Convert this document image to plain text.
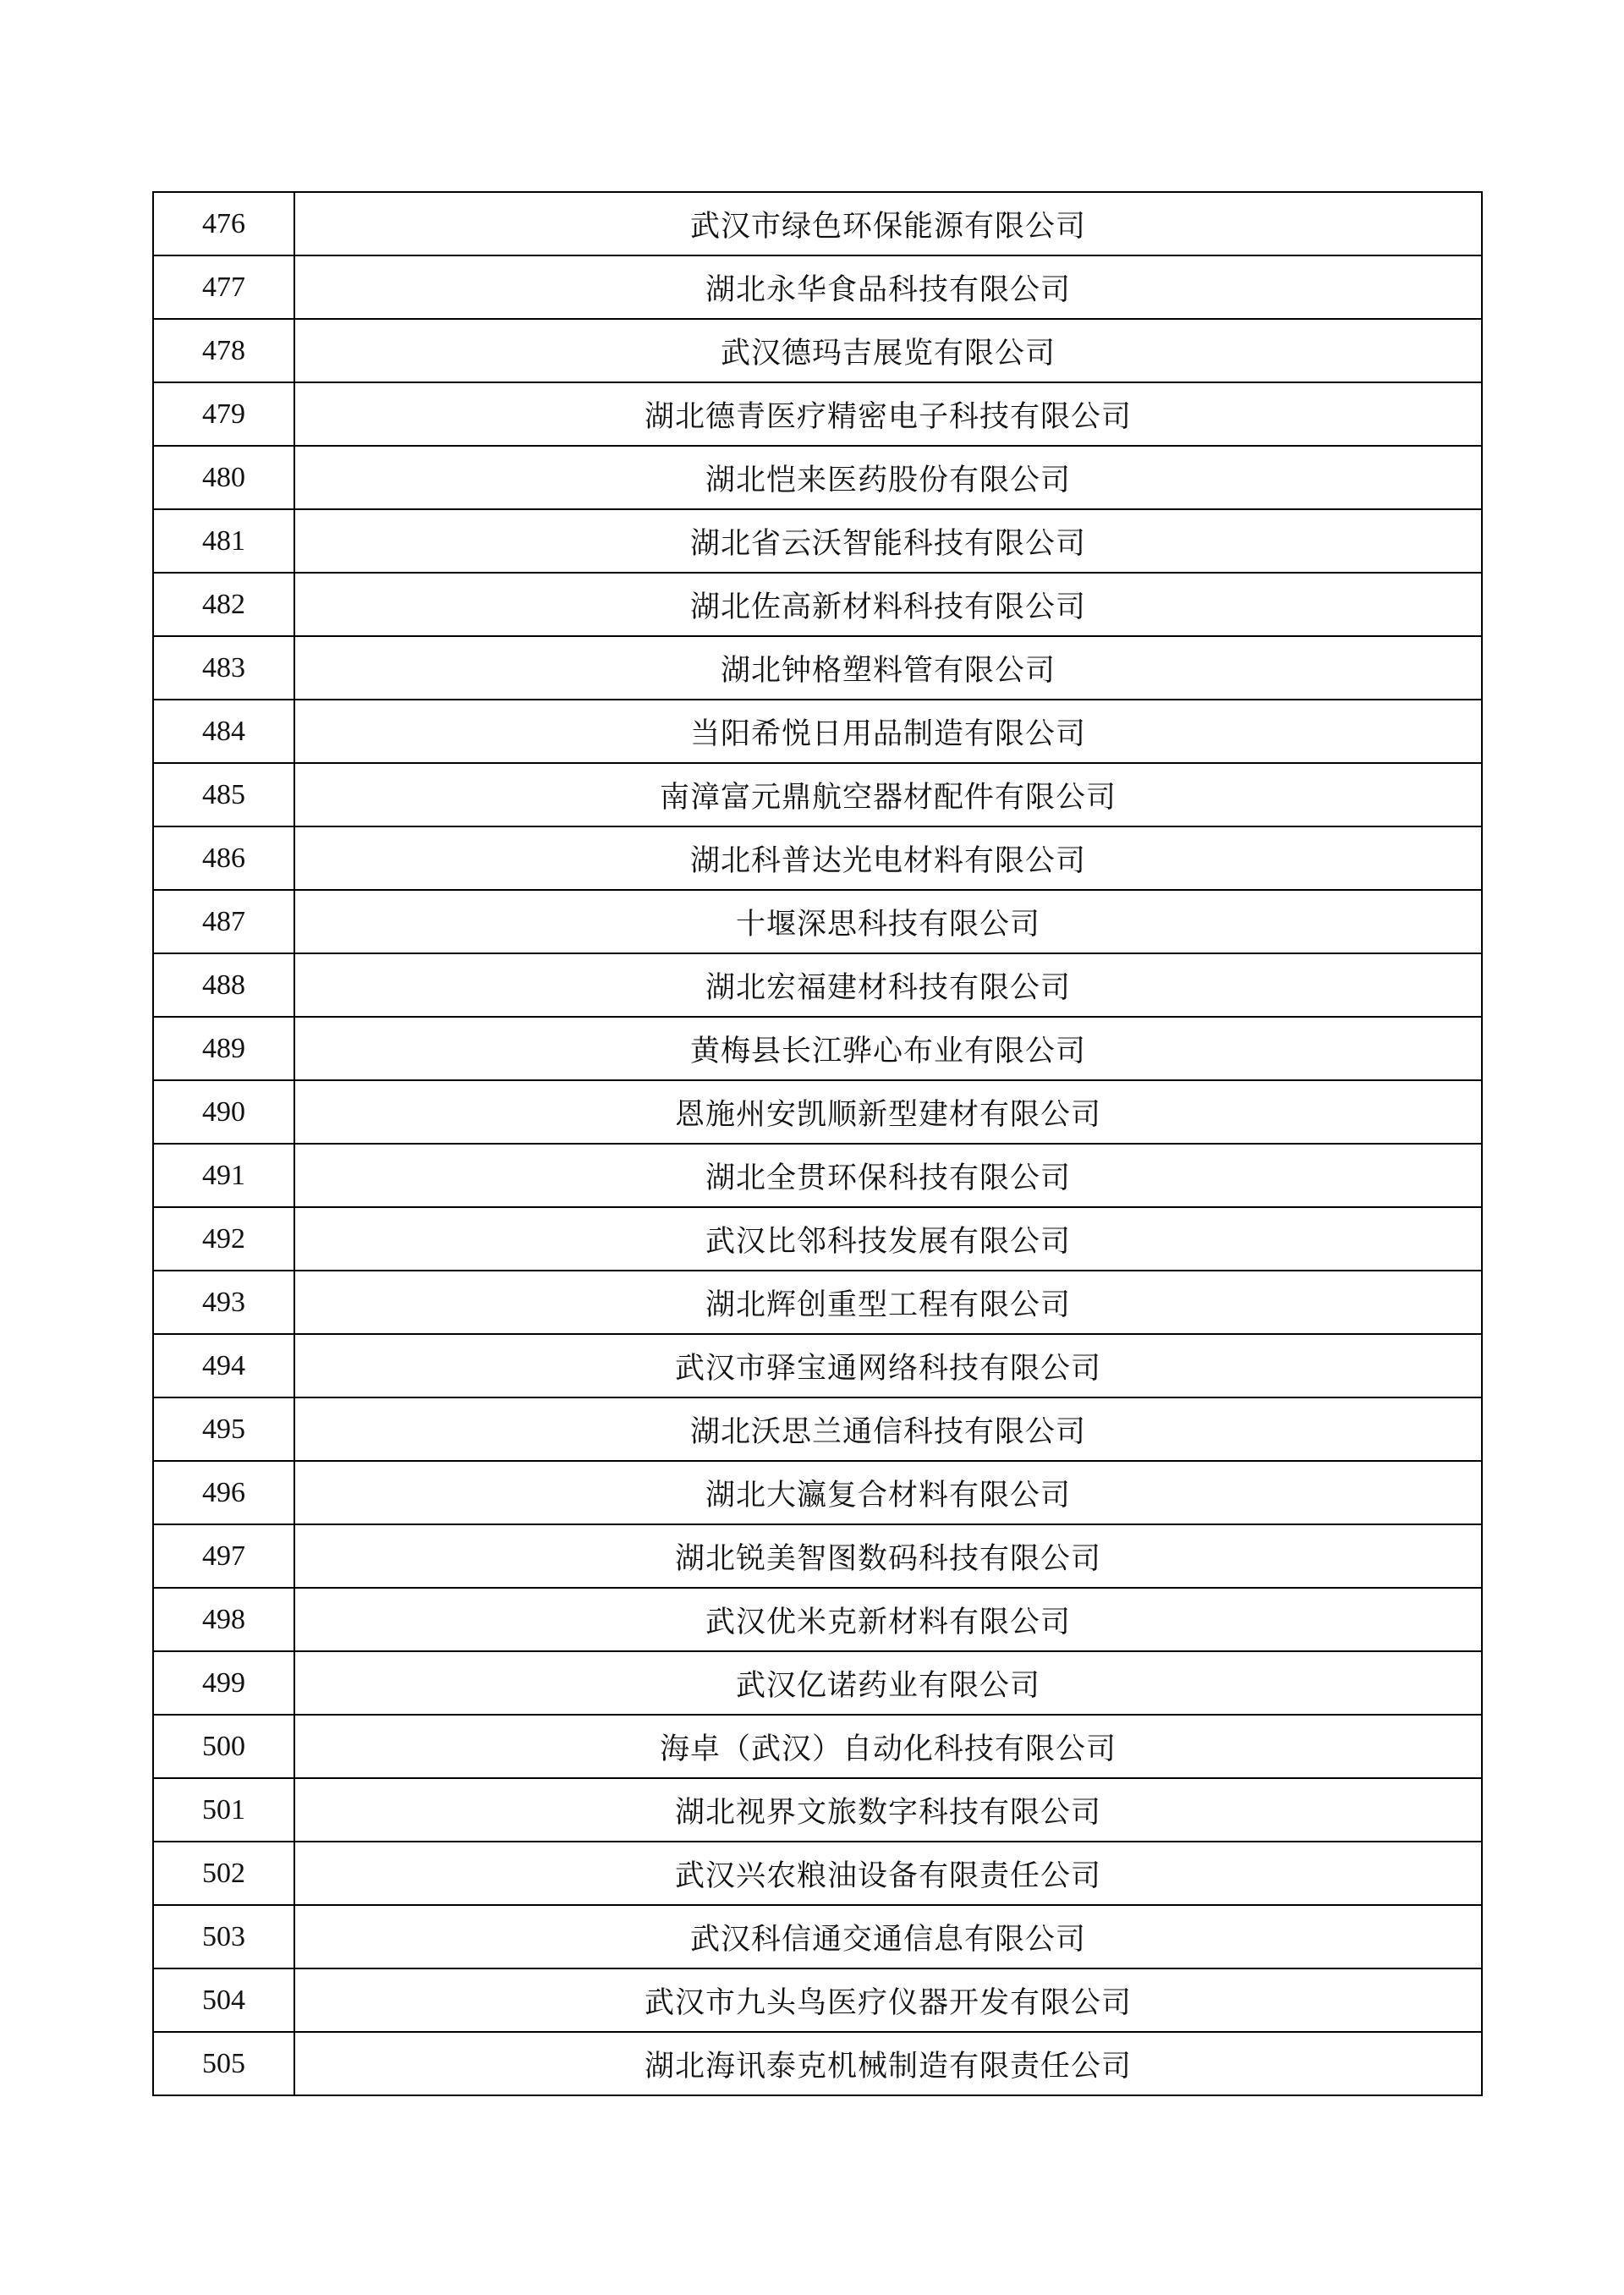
476	武汉市绿色环保能源有限公司
477	湖北永华食品科技有限公司
478	武汉德玛吉展览有限公司
479	湖北德青医疗精密电子科技有限公司
480	湖北恺来医药股份有限公司
481	湖北省云沃智能科技有限公司
482	湖北佐高新材料科技有限公司
483	湖北钟格塑料管有限公司
484	当阳希悦日用品制造有限公司
485	南漳富元鼎航空器材配件有限公司
486	湖北科普达光电材料有限公司
487	十堰深思科技有限公司
488	湖北宏福建材科技有限公司
489	黄梅县长江骅心布业有限公司
490	恩施州安凯顺新型建材有限公司
491	湖北全贯环保科技有限公司
492	武汉比邻科技发展有限公司
493	湖北辉创重型工程有限公司
494	武汉市驿宝通网络科技有限公司
495	湖北沃思兰通信科技有限公司
496	湖北大瀛复合材料有限公司
497	湖北锐美智图数码科技有限公司
498	武汉优米克新材料有限公司
499	武汉亿诺药业有限公司
500	海卓（武汉）自动化科技有限公司
501	湖北视界文旅数字科技有限公司
502	武汉兴农粮油设备有限责任公司
503	武汉科信通交通信息有限公司
504	武汉市九头鸟医疗仪器开发有限公司
505	湖北海讯泰克机械制造有限责任公司
